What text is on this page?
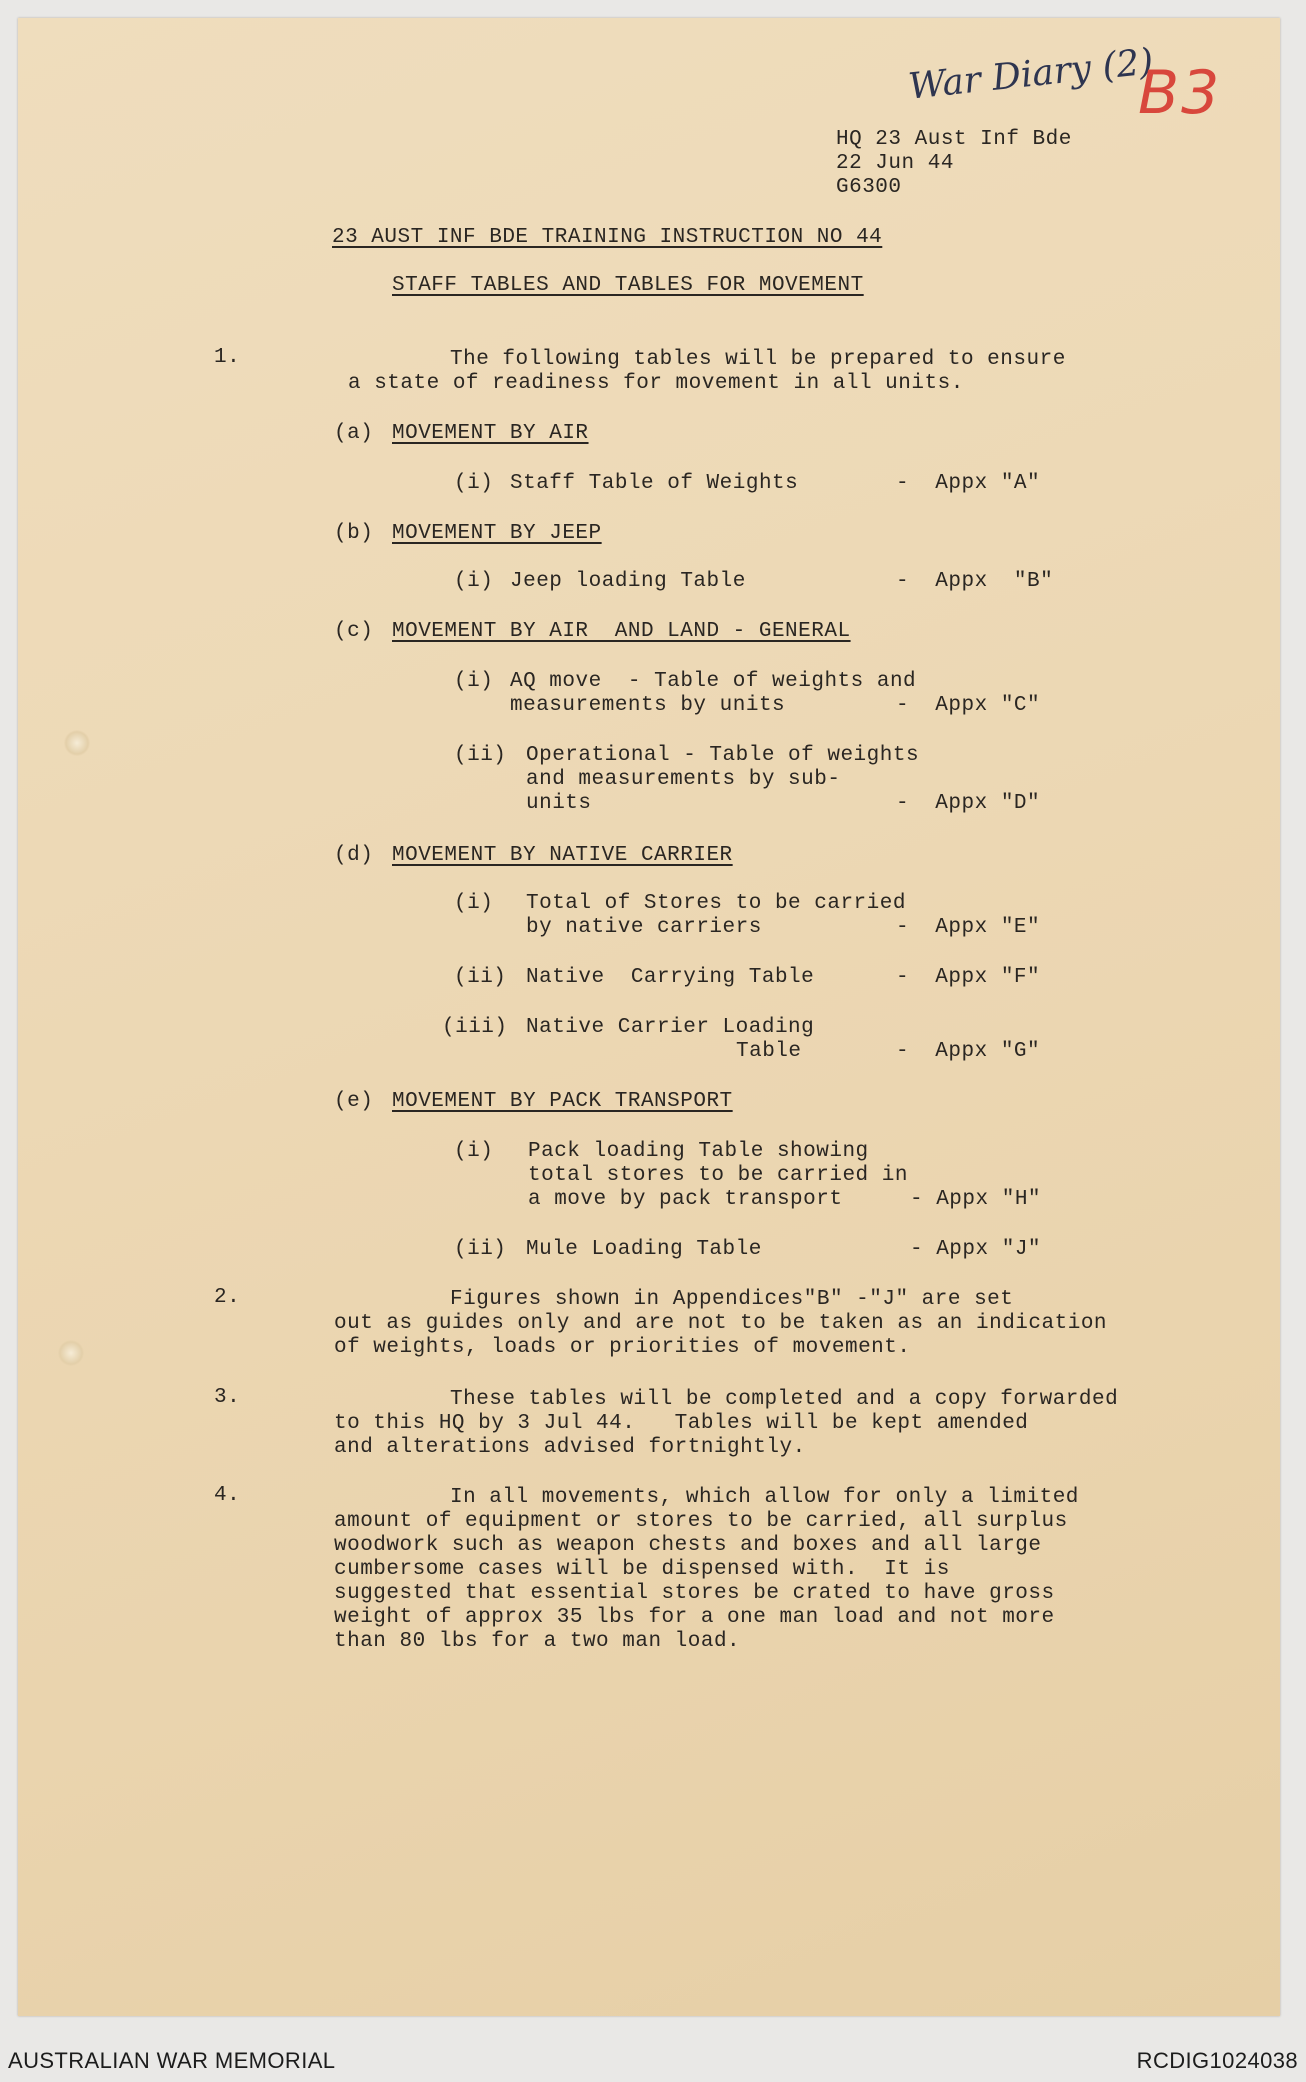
War Diary (2)
B3
HQ 23 Aust Inf Bde
22 Jun 44
G6300
23 AUST INF BDE TRAINING INSTRUCTION NO 44
STAFF TABLES AND TABLES FOR MOVEMENT
1.	The following tables will be prepared to ensure
a state of readiness for movement in all units.
(a) MOVEMENT BY AIR
(i) Staff Table of Weights	-  Appx "A"
(b) MOVEMENT BY JEEP
(i) Jeep loading Table	-  Appx  "B"
(c) MOVEMENT BY AIR  AND LAND - GENERAL
(i) AQ move  - Table of weights and
measurements by units	-  Appx "C"
(ii) Operational - Table of weights
and measurements by sub-
units	-  Appx "D"
(d) MOVEMENT BY NATIVE CARRIER
(i) Total of Stores to be carried
by native carriers	-  Appx "E"
(ii) Native  Carrying Table	-  Appx "F"
(iii) Native Carrier Loading
Table	-  Appx "G"
(e) MOVEMENT BY PACK TRANSPORT
(i) Pack loading Table showing
total stores to be carried in
a move by pack transport	- Appx "H"
(ii) Mule Loading Table	- Appx "J"
2.	Figures shown in Appendices"B" -"J" are set
out as guides only and are not to be taken as an indication
of weights, loads or priorities of movement.
3.	These tables will be completed and a copy forwarded
to this HQ by 3 Jul 44.   Tables will be kept amended
and alterations advised fortnightly.
4.	In all movements, which allow for only a limited
amount of equipment or stores to be carried, all surplus
woodwork such as weapon chests and boxes and all large
cumbersome cases will be dispensed with.  It is
suggested that essential stores be crated to have gross
weight of approx 35 lbs for a one man load and not more
than 80 lbs for a two man load.
AUSTRALIAN WAR MEMORIAL	RCDIG1024038
